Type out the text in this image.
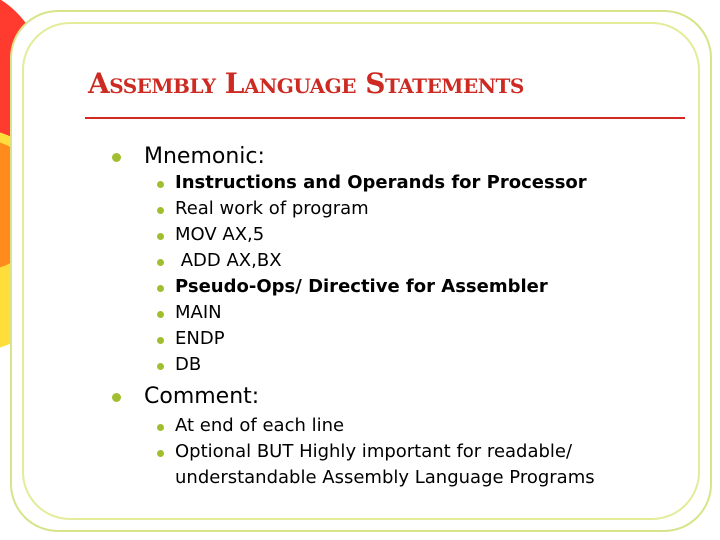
Assembly Language Statements
Mnemonic:
Instructions and Operands for Processor
Real work of program
MOV AX,5
ADD AX,BX
Pseudo-Ops/ Directive for Assembler
MAIN
ENDP
DB
Comment:
At end of each line
Optional BUT Highly important for readable/
understandable Assembly Language Programs
